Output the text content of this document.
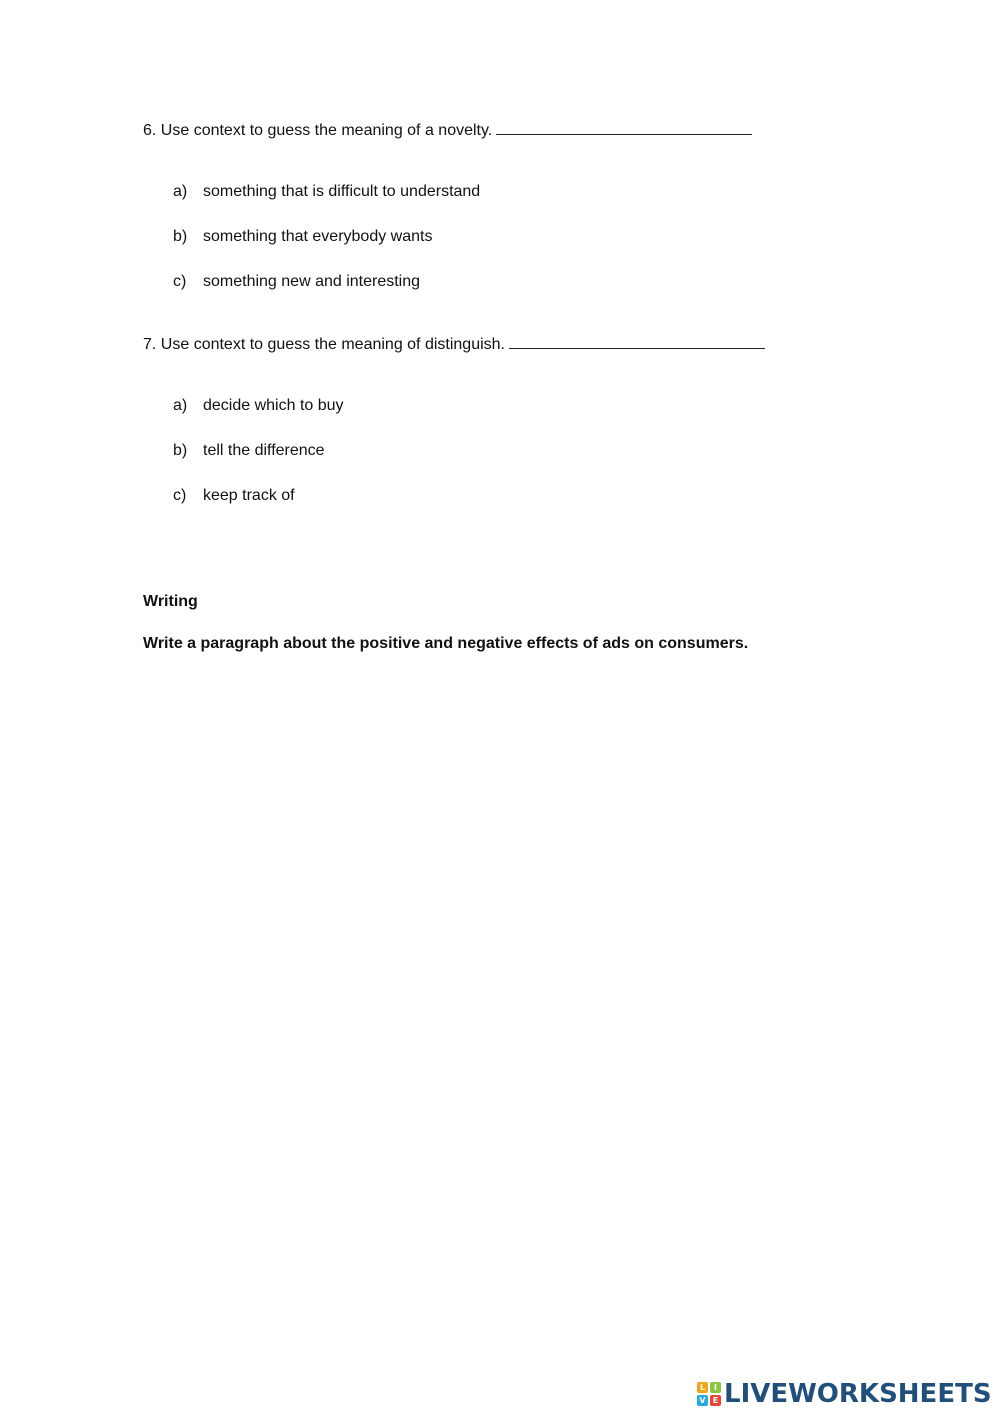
6. Use context to guess the meaning of a novelty.
a) something that is difficult to understand
b) something that everybody wants
c) something new and interesting
7. Use context to guess the meaning of distinguish.
a) decide which to buy
b) tell the difference
c) keep track of
Writing
Write a paragraph about the positive and negative effects of ads on consumers.
L	I
V E LIVEWORKSHEETS
